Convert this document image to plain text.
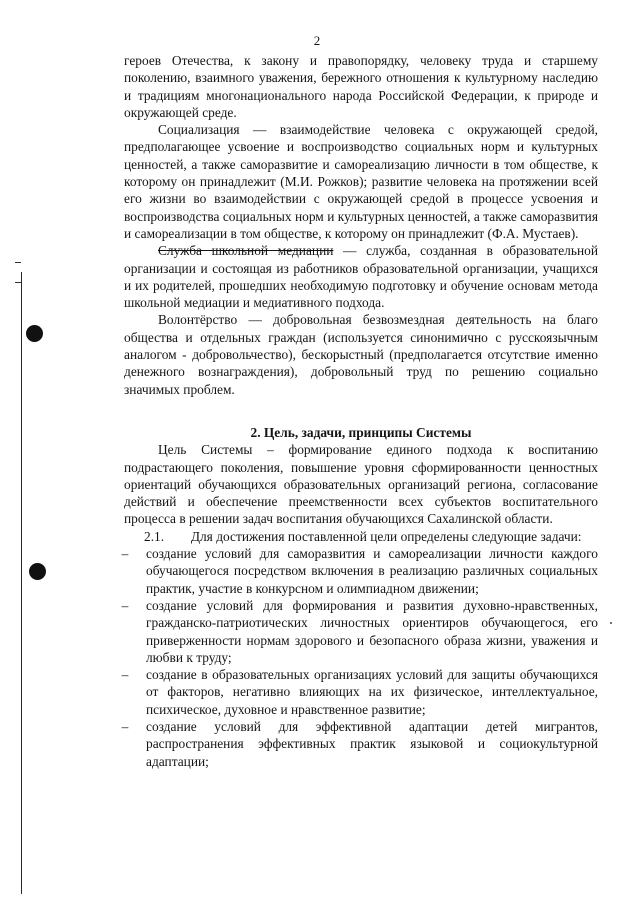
2

героев Отечества, к закону и правопорядку, человеку труда и старшему поколению, взаимного уважения, бережного отношения к культурному наследию и традициям многонационального народа Российской Федерации, к природе и окружающей среде.

Социализация — взаимодействие человека с окружающей средой, предполагающее усвоение и воспроизводство социальных норм и культурных ценностей, а также саморазвитие и самореализацию личности в том обществе, к которому он принадлежит (М.И. Рожков); развитие человека на протяжении всей его жизни во взаимодействии с окружающей средой в процессе усвоения и воспроизводства социальных норм и культурных ценностей, а также саморазвития и самореализации в том обществе, к которому он принадлежит (Ф.А. Мустаев).

Служба школьной медиации — служба, созданная в образовательной организации и состоящая из работников образовательной организации, учащихся и их родителей, прошедших необходимую подготовку и обучение основам метода школьной медиации и медиативного подхода.

Волонтёрство — добровольная безвозмездная деятельность на благо общества и отдельных граждан (используется синонимично с русскоязычным аналогом - добровольчество), бескорыстный (предполагается отсутствие именно денежного вознаграждения), добровольный труд по решению социально значимых проблем.

2. Цель, задачи, принципы Системы

Цель Системы – формирование единого подхода к воспитанию подрастающего поколения, повышение уровня сформированности ценностных ориентаций обучающихся образовательных организаций региона, согласование действий и обеспечение преемственности всех субъектов воспитательного процесса в решении задач воспитания обучающихся Сахалинской области.

2.1.  Для достижения поставленной цели определены следующие задачи:

– создание условий для саморазвития и самореализации личности каждого обучающегося посредством включения в реализацию различных социальных практик, участие в конкурсном и олимпиадном движении;
– создание условий для формирования и развития духовно-нравственных, гражданско-патриотических личностных ориентиров обучающегося, его приверженности нормам здорового и безопасного образа жизни, уважения и любви к труду;
– создание в образовательных организациях условий для защиты обучающихся от факторов, негативно влияющих на их физическое, интеллектуальное, психическое, духовное и нравственное развитие;
– создание условий для эффективной адаптации детей мигрантов, распространения эффективных практик языковой и социокультурной адаптации;
